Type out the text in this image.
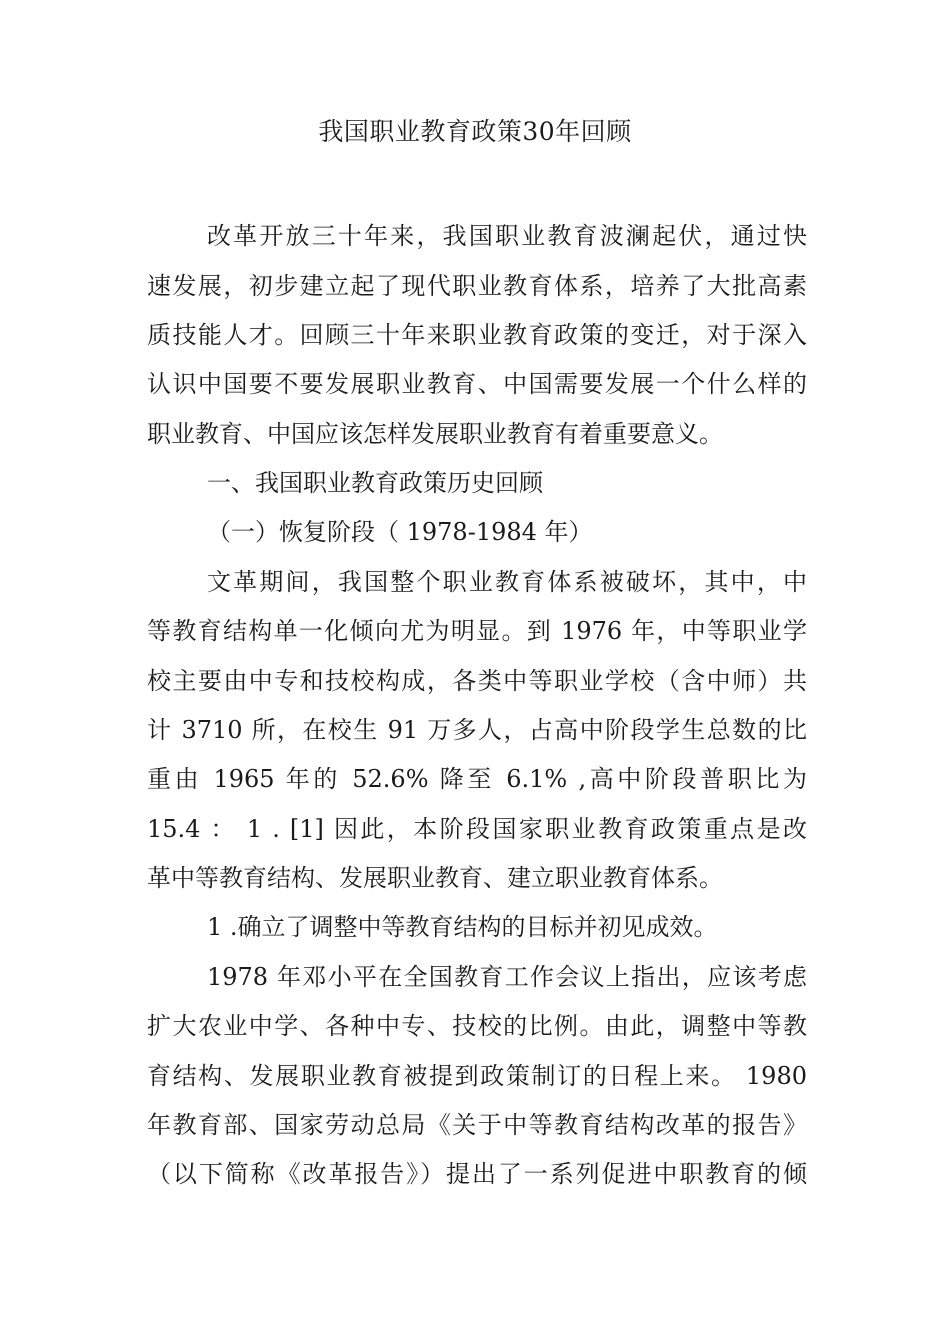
我国职业教育政策30年回顾

改革开放三十年来，我国职业教育波澜起伏，通过快

速发展，初步建立起了现代职业教育体系，培养了大批高素

质技能人才。回顾三十年来职业教育政策的变迁，对于深入

认识中国要不要发展职业教育、中国需要发展一个什么样的

职业教育、中国应该怎样发展职业教育有着重要意义。

一、我国职业教育政策历史回顾

（一）恢复阶段（ 1978-1984 年）

文革期间，我国整个职业教育体系被破坏，其中，中

等教育结构单一化倾向尤为明显。到 1976 年，中等职业学

校主要由中专和技校构成，各类中等职业学校（含中师）共

计 3710 所，在校生 91 万多人，占高中阶段学生总数的比

重由 1965 年的 52.6% 降至 6.1% ,高中阶段普职比为

15.4 ： 1 . [1] 因此，本阶段国家职业教育政策重点是改

革中等教育结构、发展职业教育、建立职业教育体系。

1 .确立了调整中等教育结构的目标并初见成效。

1978 年邓小平在全国教育工作会议上指出，应该考虑

扩大农业中学、各种中专、技校的比例。由此，调整中等教

育结构、发展职业教育被提到政策制订的日程上来。 1980

年教育部、国家劳动总局《关于中等教育结构改革的报告》

（以下简称《改革报告》）提出了一系列促进中职教育的倾
